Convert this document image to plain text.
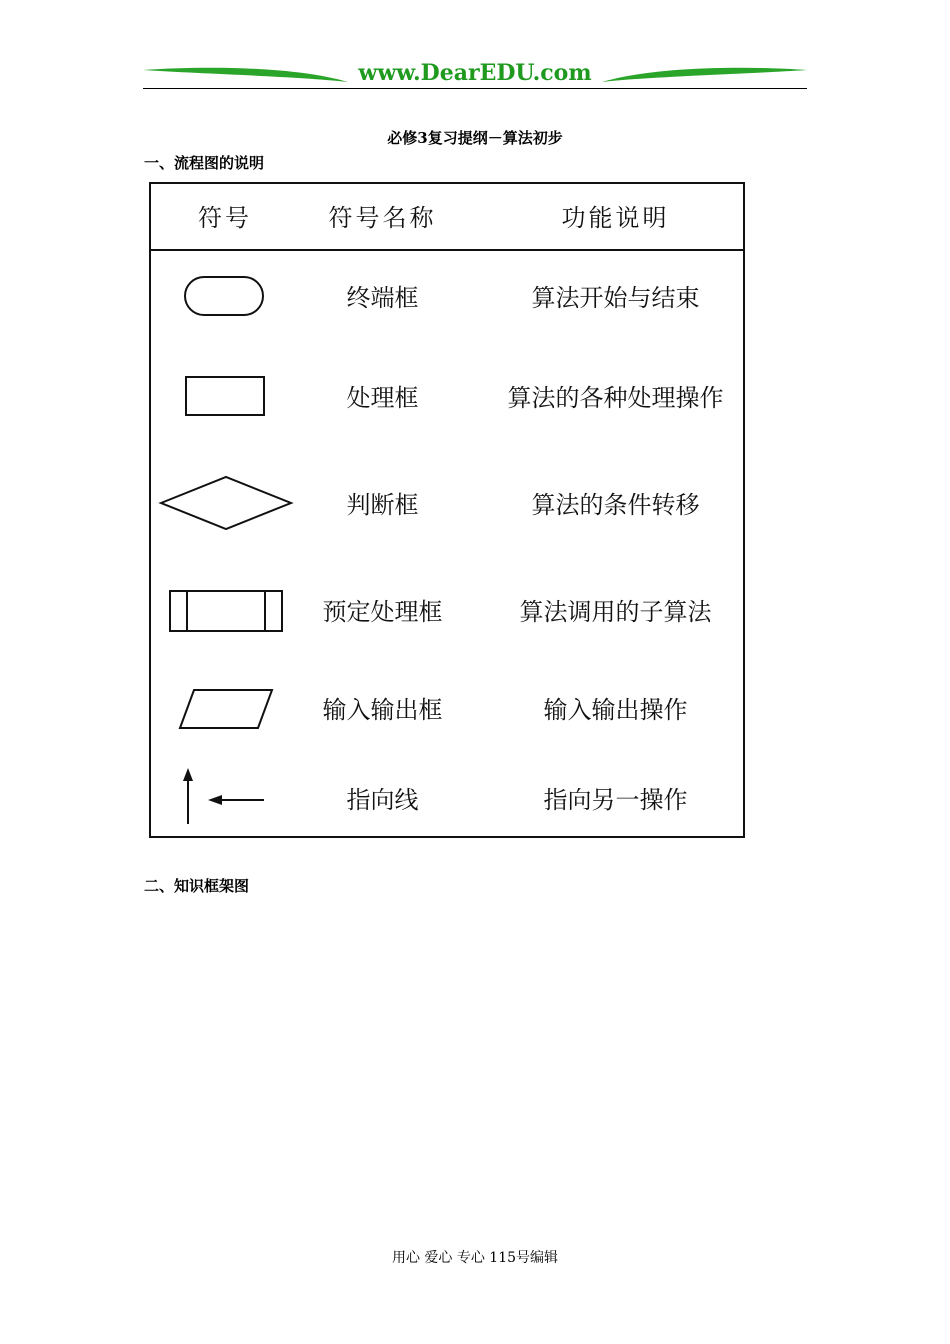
www.DearEDU.com
必修3复习提纲－算法初步
一、流程图的说明
符号	符号名称	功能说明
终端框	算法开始与结束
处理框	算法的各种处理操作
判断框	算法的条件转移
预定处理框	算法调用的子算法
输入输出框	输入输出操作
指向线	指向另一操作
二、知识框架图
用心 爱心 专心 115号编辑
